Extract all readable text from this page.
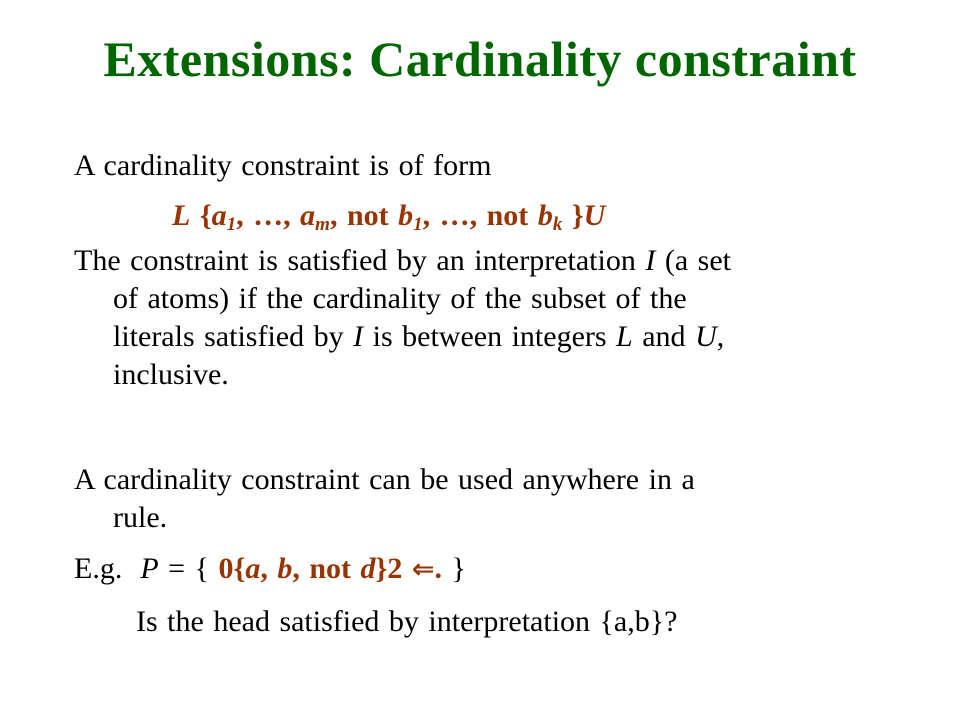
Extensions: Cardinality constraint
A cardinality constraint is of form
L {$a_1$, …, $a_m$, not $b_1$, …, not $b_k$ }U
The constraint is satisfied by an interpretation I (a set
of atoms) if the cardinality of the subset of the
literals satisfied by I is between integers L and U,
inclusive.
A cardinality constraint can be used anywhere in a
rule.
E.g. P = { 0{a, b, not d}2 ⇐. }
Is the head satisfied by interpretation {a,b}?
